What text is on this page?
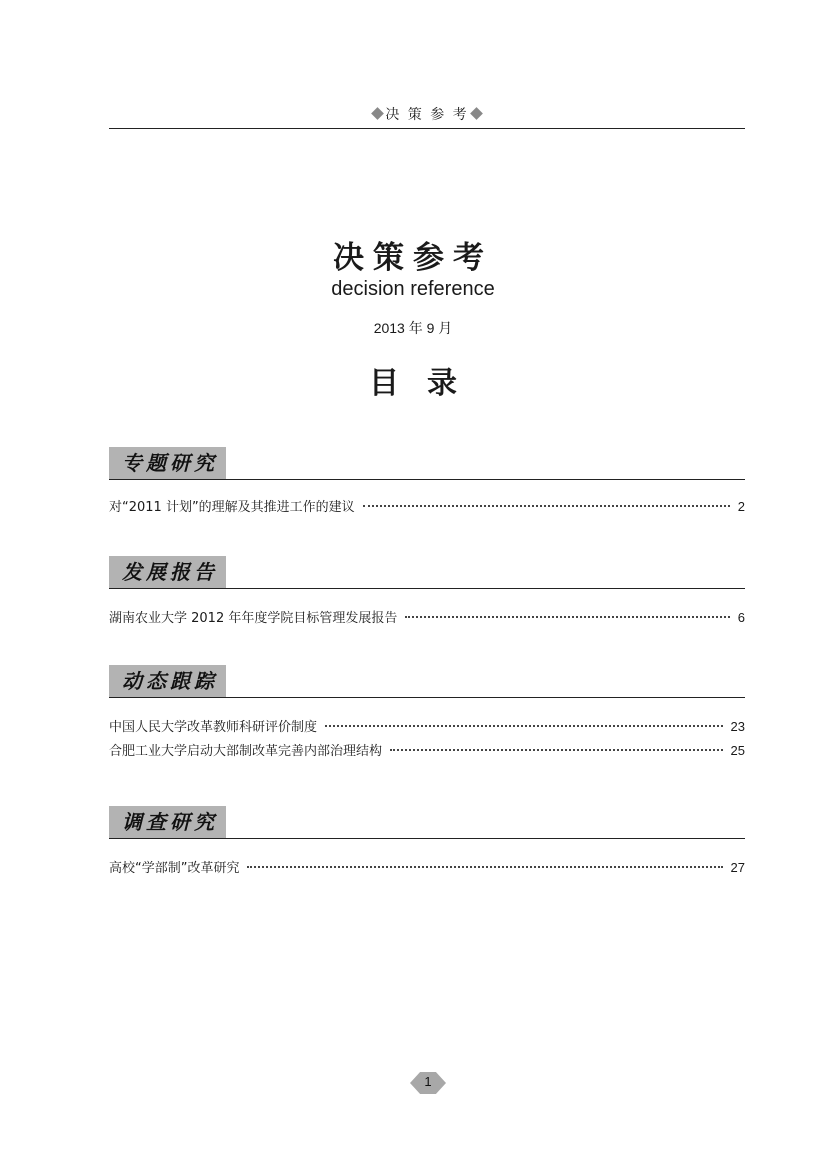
决 策 参 考
决策参考
decision reference
2013 年 9 月
目 录
专题研究
对“2011 计划”的理解及其推进工作的建议	2
发展报告
湖南农业大学 2012 年年度学院目标管理发展报告	6
动态跟踪
中国人民大学改革教师科研评价制度	23
合肥工业大学启动大部制改革完善内部治理结构	25
调查研究
高校“学部制”改革研究	27
1
